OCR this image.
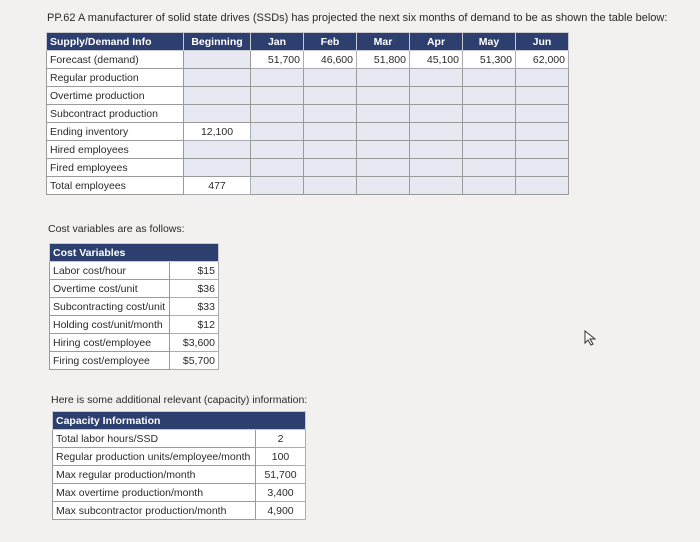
PP.62 A manufacturer of solid state drives (SSDs) has projected the next six months of demand to be as shown the table below:
Supply/Demand Info	Beginning	Jan	Feb	Mar	Apr	May	Jun
Forecast (demand)		51,700	46,600	51,800	45,100	51,300	62,000
Regular production							
Overtime production							
Subcontract production							
Ending inventory	12,100						
Hired employees							
Fired employees							
Total employees	477						
Cost variables are as follows:
Cost Variables	
Labor cost/hour	$15
Overtime cost/unit	$36
Subcontracting cost/unit	$33
Holding cost/unit/month	$12
Hiring cost/employee	$3,600
Firing cost/employee	$5,700
Here is some additional relevant (capacity) information:
Capacity Information	
Total labor hours/SSD	2
Regular production units/employee/month	100
Max regular production/month	51,700
Max overtime production/month	3,400
Max subcontractor production/month	4,900
